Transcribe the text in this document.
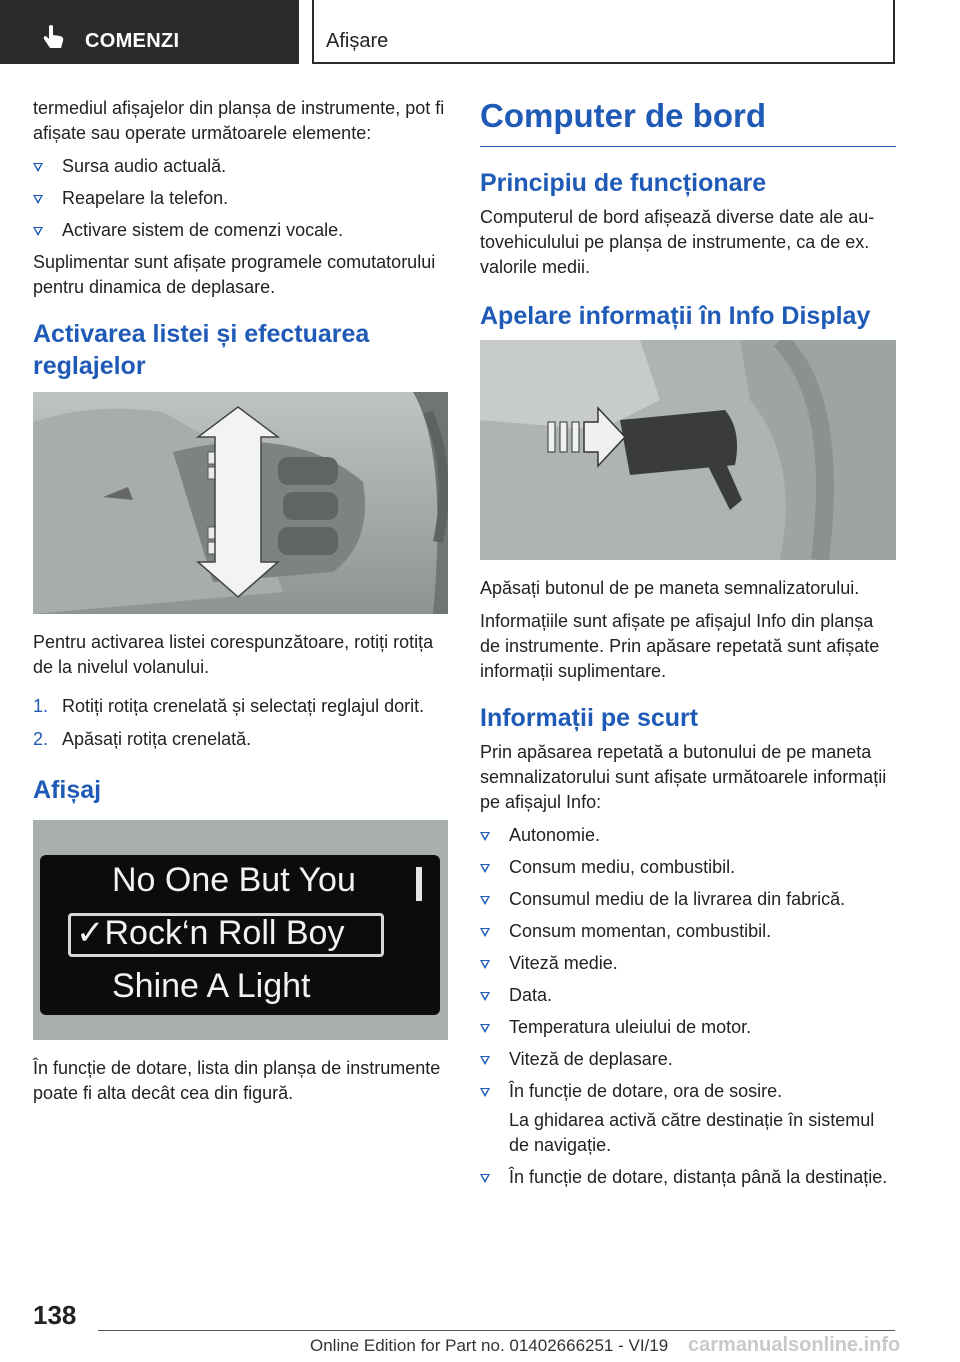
COMENZI	Afișare

termediul afișajelor din planșa de instrumente, pot fi afișate sau operate următoarele elemente:

Sursa audio actuală.
Reapelare la telefon.
Activare sistem de comenzi vocale.

Suplimentar sunt afișate programele comutatorului pentru dinamica de deplasare.

Activarea listei și efectuarea reglajelor

Pentru activarea listei corespunzătoare, rotiți rotița de la nivelul volanului.

1. Rotiți rotița crenelată și selectați reglajul dorit.
2. Apăsați rotița crenelată.
Afișaj
No One But You
✓Rock‘n Roll Boy
Shine A Light

În funcție de dotare, lista din planșa de instrumente poate fi alta decât cea din figură.

Computer de bord
Principiu de funcționare

Computerul de bord afișează diverse date ale autovehiculului pe planșa de instrumente, ca de ex. valorile medii.

Apelare informații în Info Display

Apăsați butonul de pe maneta semnalizatorului.

Informațiile sunt afișate pe afișajul Info din planșa de instrumente. Prin apăsare repetată sunt afișate informații suplimentare.

Informații pe scurt

Prin apăsarea repetată a butonului de pe maneta semnalizatorului sunt afișate următoarele informații pe afișajul Info:

Autonomie.
Consum mediu, combustibil.
Consumul mediu de la livrarea din fabrică.
Consum momentan, combustibil.
Viteză medie.
Data.
Temperatura uleiului de motor.
Viteză de deplasare.
În funcție de dotare, ora de sosire.
La ghidarea activă către destinație în sistemul de navigație.
În funcție de dotare, distanța până la destinație.
138
Online Edition for Part no. 01402666251 - VI/19 carmanualsonline.info
